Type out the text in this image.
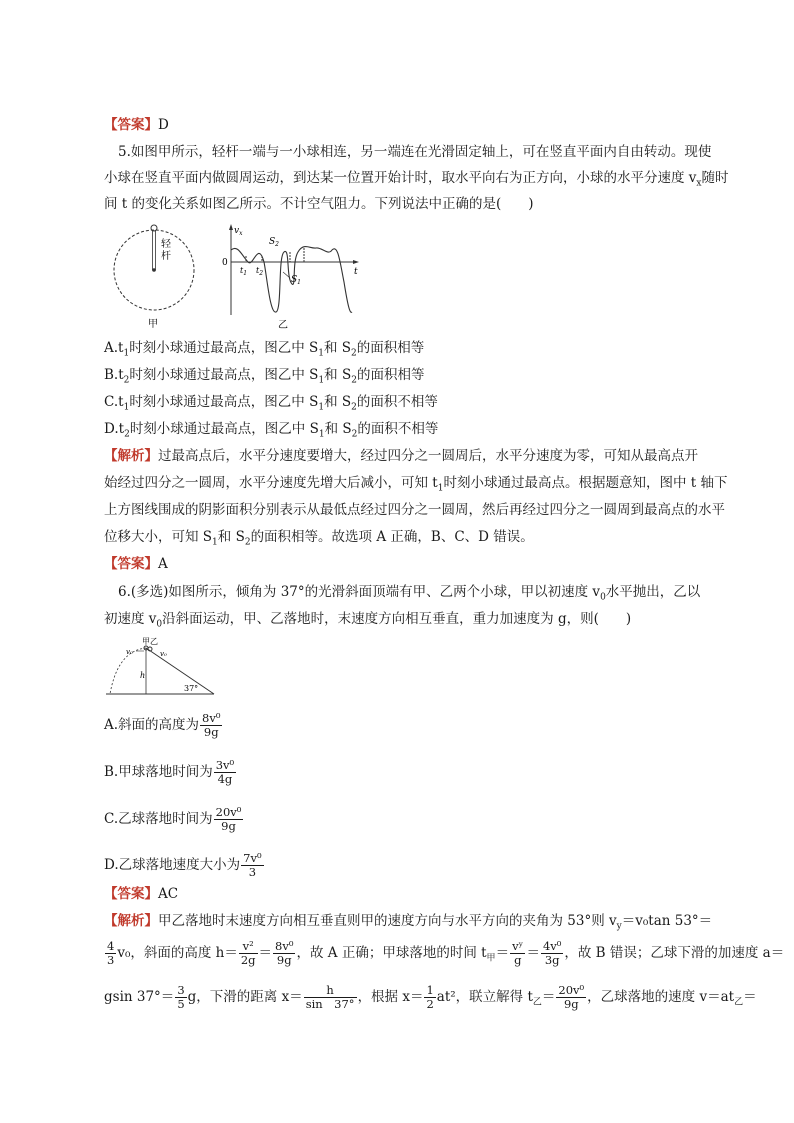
【答案】D
5.如图甲所示，轻杆一端与一小球相连，另一端连在光滑固定轴上，可在竖直平面内自由转动。现使
小球在竖直平面内做圆周运动，到达某一位置开始计时，取水平向右为正方向，小球的水平分速度 $v_x$随时
间 t 的变化关系如图乙所示。不计空气阻力。下列说法中正确的是(　　)
轻
杆
甲
$v_x$
0
t
$t_1$ $t_2$
$S_2$
$S_1$
乙
$A.t_1$时刻小球通过最高点，图乙中 $S_1$和 $S_2$的面积相等
$B.t_2$时刻小球通过最高点，图乙中 $S_1$和 $S_2$的面积相等
$C.t_1$时刻小球通过最高点，图乙中 $S_1$和 $S_2$的面积不相等
$D.t_2$时刻小球通过最高点，图乙中 $S_1$和 $S_2$的面积不相等
【解析】过最高点后，水平分速度要增大，经过四分之一圆周后，水平分速度为零，可知从最高点开
始经过四分之一圆周，水平分速度先增大后减小，可知 $t_1$时刻小球通过最高点。根据题意知，图中 t 轴下
上方图线围成的阴影面积分别表示从最低点经过四分之一圆周，然后再经过四分之一圆周到最高点的水平
位移大小，可知 $S_1$和 $S_2$的面积相等。故选项 A 正确，B、C、D 错误。
【答案】A
6.(多选)如图所示，倾角为 37°的光滑斜面顶端有甲、乙两个小球，甲以初速度 $v_0$水平抛出，乙以
初速度 $v_0$沿斜面运动，甲、乙落地时，末速度方向相互垂直，重力加速度为 g，则(　　)
甲乙
v₀	v₀
h
37°
A.斜面的高度为 $\frac{\text{8v⁰}}{9g}$
B.甲球落地时间为 $\frac{\text{3v⁰}}{4g}$
C.乙球落地时间为 $\frac{\text{20v⁰}}{9g}$
D.乙球落地速度大小为 $\frac{\text{7v⁰}}{3}$
【答案】AC
【解析】甲乙落地时末速度方向相互垂直则甲的速度方向与水平方向的夹角为 53°则 $v_y=v_0\tan$ 53°＝
$\frac{4}{3} v_0$，斜面的高度 $h= \frac{\text{v²}}{2g} = \frac{\text{8v⁰}}{9g}$ ，故 A 正确；甲球落地的时间 $t_甲= \frac{\text{vʸ}}{g} = \frac{\text{4v⁰}}{3g}$ ，故 B 错误；乙球下滑的加速度 a＝
gsin $37^\circ= \frac{3}{5}$ g，下滑的距离 $x= \frac{h}{\sin 37^\circ}$ ，根据 $x= \frac{1}{2} at^2$，联立解得 $t_乙= \frac{\text{20v⁰}}{9g}$ ，乙球落地的速度 $v=at_乙=$
